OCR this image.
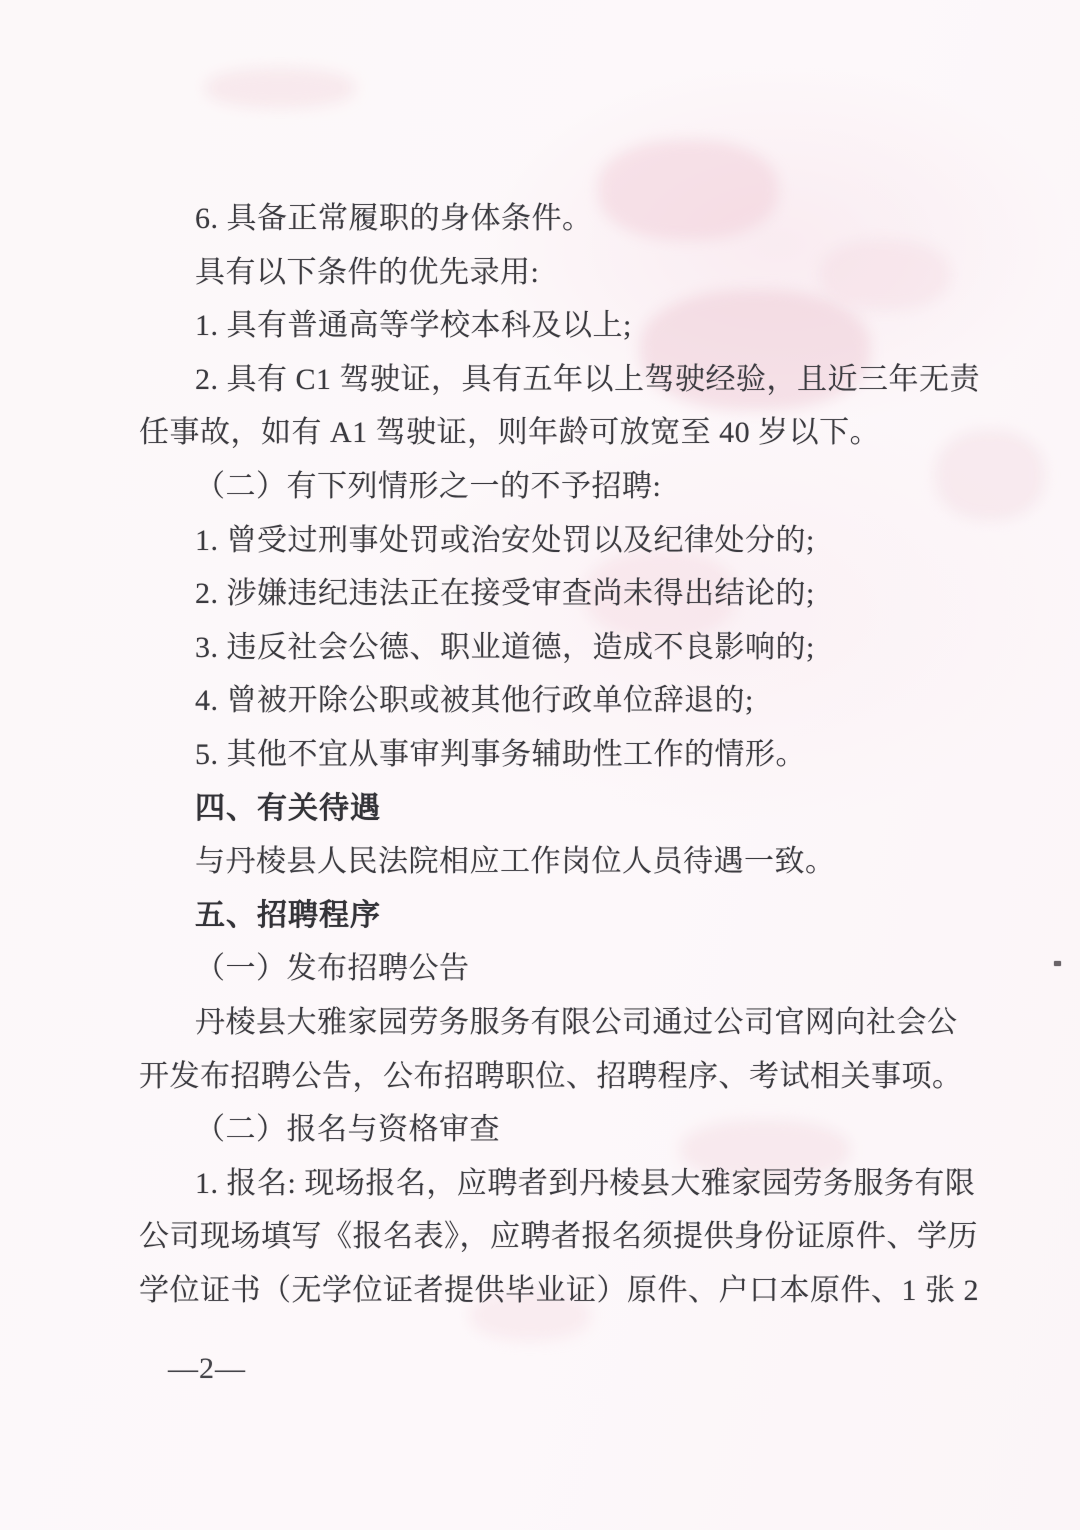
6. 具备正常履职的身体条件。
具有以下条件的优先录用:
1. 具有普通高等学校本科及以上;
2. 具有 C1 驾驶证，具有五年以上驾驶经验，且近三年无责
任事故，如有 A1 驾驶证，则年龄可放宽至 40 岁以下。
（二）有下列情形之一的不予招聘:
1. 曾受过刑事处罚或治安处罚以及纪律处分的;
2. 涉嫌违纪违法正在接受审查尚未得出结论的;
3. 违反社会公德、职业道德，造成不良影响的;
4. 曾被开除公职或被其他行政单位辞退的;
5. 其他不宜从事审判事务辅助性工作的情形。
四、有关待遇
与丹棱县人民法院相应工作岗位人员待遇一致。
五、招聘程序
（一）发布招聘公告
丹棱县大雅家园劳务服务有限公司通过公司官网向社会公
开发布招聘公告，公布招聘职位、招聘程序、考试相关事项。
（二）报名与资格审查
1. 报名: 现场报名，应聘者到丹棱县大雅家园劳务服务有限
公司现场填写《报名表》，应聘者报名须提供身份证原件、学历
学位证书（无学位证者提供毕业证）原件、户口本原件、1 张 2
—2—
